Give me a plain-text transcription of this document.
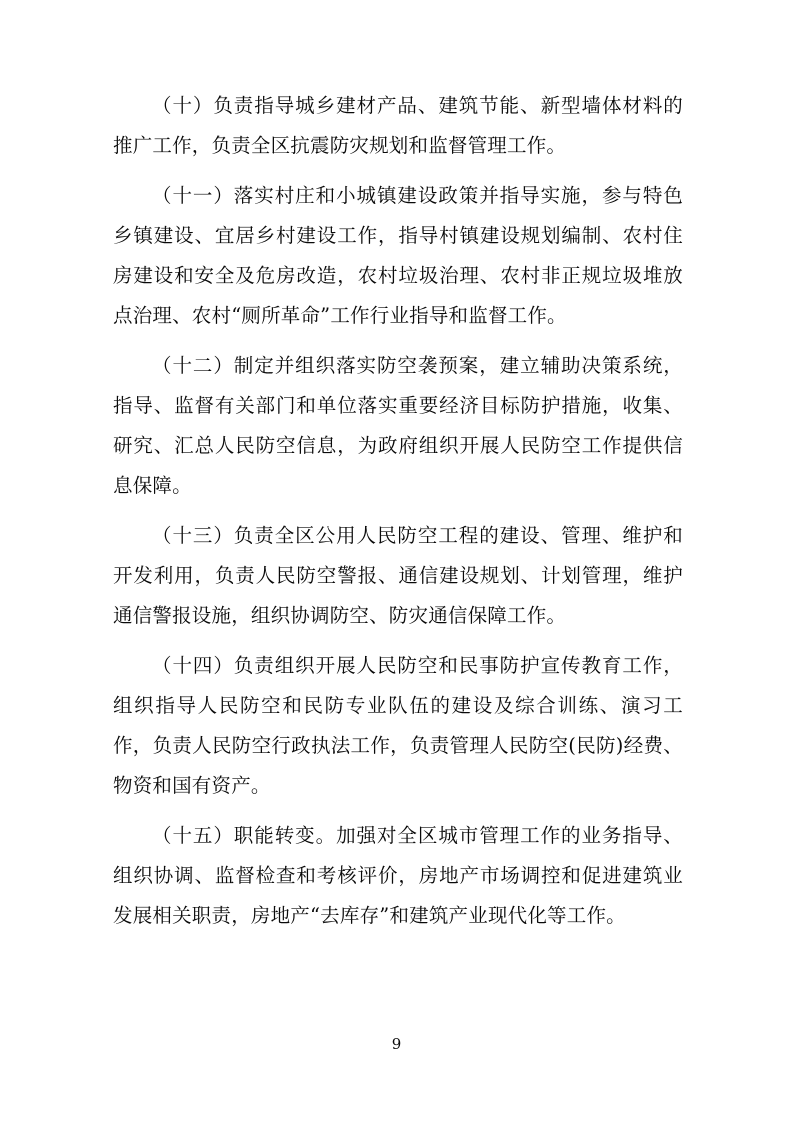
（十）负责指导城乡建材产品、建筑节能、新型墙体材料的推广工作，负责全区抗震防灾规划和监督管理工作。

（十一）落实村庄和小城镇建设政策并指导实施，参与特色乡镇建设、宜居乡村建设工作，指导村镇建设规划编制、农村住房建设和安全及危房改造，农村垃圾治理、农村非正规垃圾堆放点治理、农村“厕所革命”工作行业指导和监督工作。

（十二）制定并组织落实防空袭预案，建立辅助决策系统，指导、监督有关部门和单位落实重要经济目标防护措施，收集、研究、汇总人民防空信息，为政府组织开展人民防空工作提供信息保障。

（十三）负责全区公用人民防空工程的建设、管理、维护和开发利用，负责人民防空警报、通信建设规划、计划管理，维护通信警报设施，组织协调防空、防灾通信保障工作。

（十四）负责组织开展人民防空和民事防护宣传教育工作，组织指导人民防空和民防专业队伍的建设及综合训练、演习工作，负责人民防空行政执法工作，负责管理人民防空(民防)经费、物资和国有资产。

（十五）职能转变。加强对全区城市管理工作的业务指导、组织协调、监督检查和考核评价，房地产市场调控和促进建筑业发展相关职责，房地产“去库存”和建筑产业现代化等工作。

9
